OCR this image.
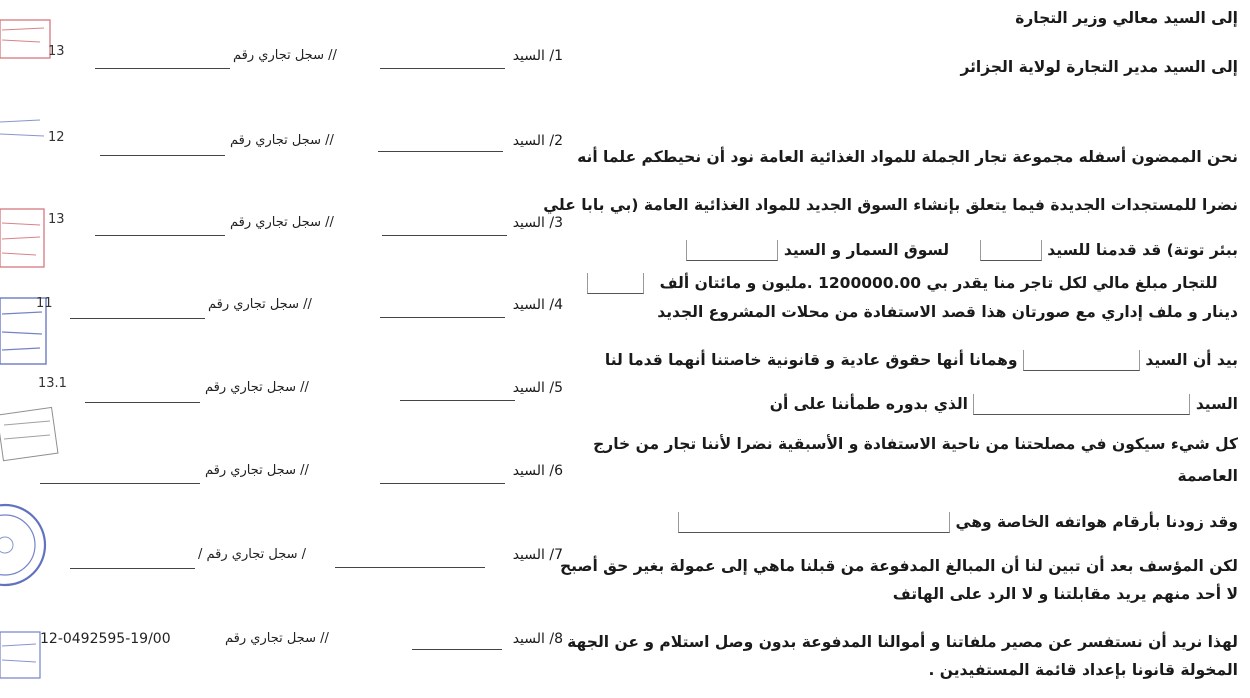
إلى السيد معالي وزير التجارة
إلى السيد مدير التجارة لولاية الجزائر
نحن الممضون أسفله مجموعة تجار الجملة للمواد الغذائية العامة نود أن نحيطكم علما أنه
نضرا للمستجدات الجديدة فيما يتعلق بإنشاء السوق الجديد للمواد الغذائية العامة (بي بابا علي
ببئر توتة) قد قدمنا للسيد   لسوق السمار و السيد
للتجار مبلغ مالي لكل تاجر منا يقدر بي 1200000.00 .مليون و مائتان ألف
دينار و ملف إداري مع صورتان هذا قصد الاستفادة من محلات المشروع الجديد
بيد أن السيد  وهمانا أنها حقوق عادية و قانونية خاصتنا أنهما قدما لنا
السيد  الذي بدوره طمأننا على أن
كل شيء سيكون في مصلحتنا من ناحية الاستفادة و الأسبقية نضرا لأننا تجار من خارج
العاصمة
وقد زودنا بأرقام هواتفه الخاصة وهي
لكن المؤسف بعد أن تبين لنا أن المبالغ المدفوعة من قبلنا ماهي إلى عمولة بغير حق أصبح
لا أحد منهم يريد مقابلتنا و لا الرد على الهاتف
لهذا نريد أن نستفسر عن مصير ملفاتنا و أموالنا المدفوعة بدون وصل استلام و عن الجهة
المخولة قانونا بإعداد قائمة المستفيدين .
1/ السيد
// سجل تجاري رقم
2/ السيد
// سجل تجاري رقم
3/ السيد
// سجل تجاري رقم
4/ السيد
// سجل تجاري رقم
5/ السيد
// سجل تجاري رقم
6/ السيد
// سجل تجاري رقم
7/ السيد
/ سجل تجاري رقم /
8/ السيد
// سجل تجاري رقم
12-0492595-19/00
13
12
13
11
13.1
